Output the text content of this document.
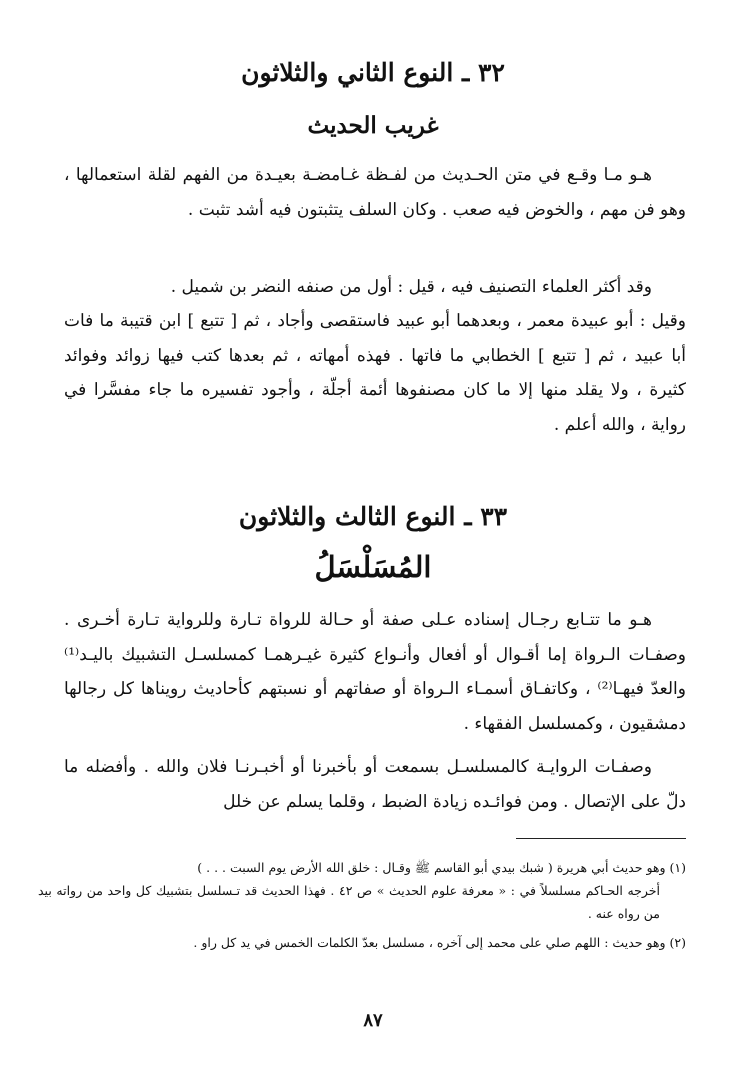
٣٢ ـ النوع الثاني والثلاثون
غريب الحديث

هـو مـا وقـع في متن الحـديث من لفـظة غـامضـة بعيـدة من الفهم لقلة استعمالها ، وهو فن مهم ، والخوض فيه صعب . وكان السلف يتثبتون فيه أشد تثبت .

وقد أكثر العلماء التصنيف فيه ، قيل : أول من صنفه النضر بن شميل .

وقيل : أبو عبيدة معمر ، وبعدهما أبو عبيد فاستقصى وأجاد ، ثم [ تتبع ] ابن قتيبة ما فات أبا عبيد ، ثم [ تتبع ] الخطابي ما فاتها . فهذه أمهاته ، ثم بعدها كتب فيها زوائد وفوائد كثيرة ، ولا يقلد منها إلا ما كان مصنفوها أئمة أجلّة ، وأجود تفسيره ما جاء مفسَّرا في رواية ، والله أعلم .

٣٣ ـ النوع الثالث والثلاثون
المُسَلْسَلُ

هـو ما تتـابع رجـال إسناده عـلى صفة أو حـالة للرواة تـارة وللرواية تـارة أخـرى . وصفـات الـرواة إما أقـوال أو أفعال وأنـواع كثيرة غيـرهمـا كمسلسـل التشبيك باليـد⁽¹⁾ والعدّ فيهـا⁽²⁾ ، وكاتفـاق أسمـاء الـرواة أو صفاتهم أو نسبتهم كأحاديث رويناها كل رجالها دمشقيون ، وكمسلسل الفقهاء .

وصفـات الروايـة كالمسلسـل بسمعت أو بأخبرنا أو أخبـرنـا فلان والله . وأفضله ما دلّ على الإتصال . ومن فوائـده زيادة الضبط ، وقلما يسلم عن خلل

(١) وهو حديث أبي هريرة ( شبك بيدي أبو القاسم ﷺ وقـال : خلق الله الأرض يوم السبت . . . )

أخرجه الحـاكم مسلسلاً في : « معرفة علوم الحديث » ص ٤٢ . فهذا الحديث قد تـسلسل بتشبيك كل واحد من رواته بيد من رواه عنه .

(٢) وهو حديث : اللهم صلي على محمد إلى آخره ، مسلسل بعدّ الكلمات الخمس في يد كل راو .

٨٧
